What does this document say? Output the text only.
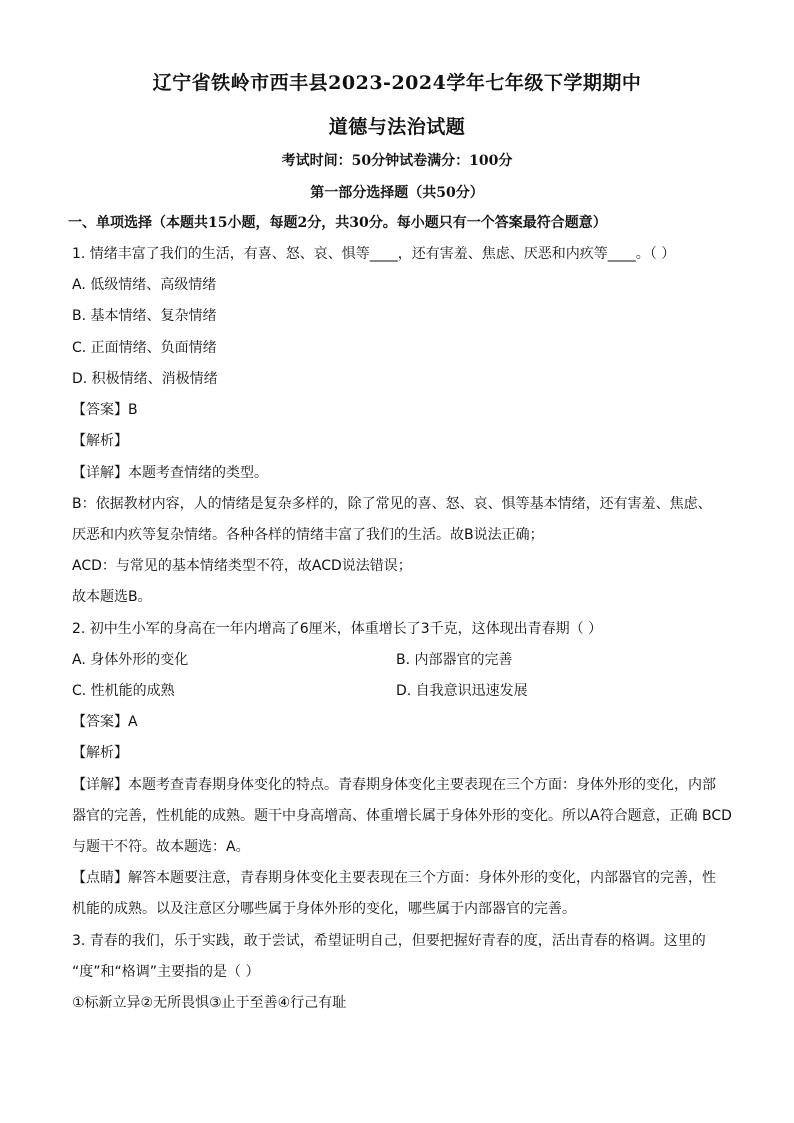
辽宁省铁岭市西丰县2023-2024学年七年级下学期期中
道德与法治试题
考试时间：50分钟试卷满分：100分
第一部分选择题（共50分）
一、单项选择（本题共15小题，每题2分，共30分。每小题只有一个答案最符合题意）
1. 情绪丰富了我们的生活，有喜、怒、哀、惧等____，还有害羞、焦虑、厌恶和内疚等____。（ ）
A. 低级情绪、高级情绪
B. 基本情绪、复杂情绪
C. 正面情绪、负面情绪
D. 积极情绪、消极情绪
【答案】B
【解析】
【详解】本题考查情绪的类型。
B：依据教材内容，人的情绪是复杂多样的，除了常见的喜、怒、哀、惧等基本情绪，还有害羞、焦虑、
厌恶和内疚等复杂情绪。各种各样的情绪丰富了我们的生活。故B说法正确；
ACD：与常见的基本情绪类型不符，故ACD说法错误；
故本题选B。
2. 初中生小军的身高在一年内增高了6厘米，体重增长了3千克，这体现出青春期（ ）
A. 身体外形的变化	B. 内部器官的完善
C. 性机能的成熟	D. 自我意识迅速发展
【答案】A
【解析】
【详解】本题考查青春期身体变化的特点。青春期身体变化主要表现在三个方面：身体外形的变化，内部
器官的完善，性机能的成熟。题干中身高增高、体重增长属于身体外形的变化。所以A符合题意，正确 BCD
与题干不符。故本题选：A。
【点睛】解答本题要注意，青春期身体变化主要表现在三个方面：身体外形的变化，内部器官的完善，性
机能的成熟。以及注意区分哪些属于身体外形的变化，哪些属于内部器官的完善。
3. 青春的我们，乐于实践，敢于尝试，希望证明自己，但要把握好青春的度，活出青春的格调。这里的
“度”和“格调”主要指的是（ ）
①标新立异②无所畏惧③止于至善④行己有耻
